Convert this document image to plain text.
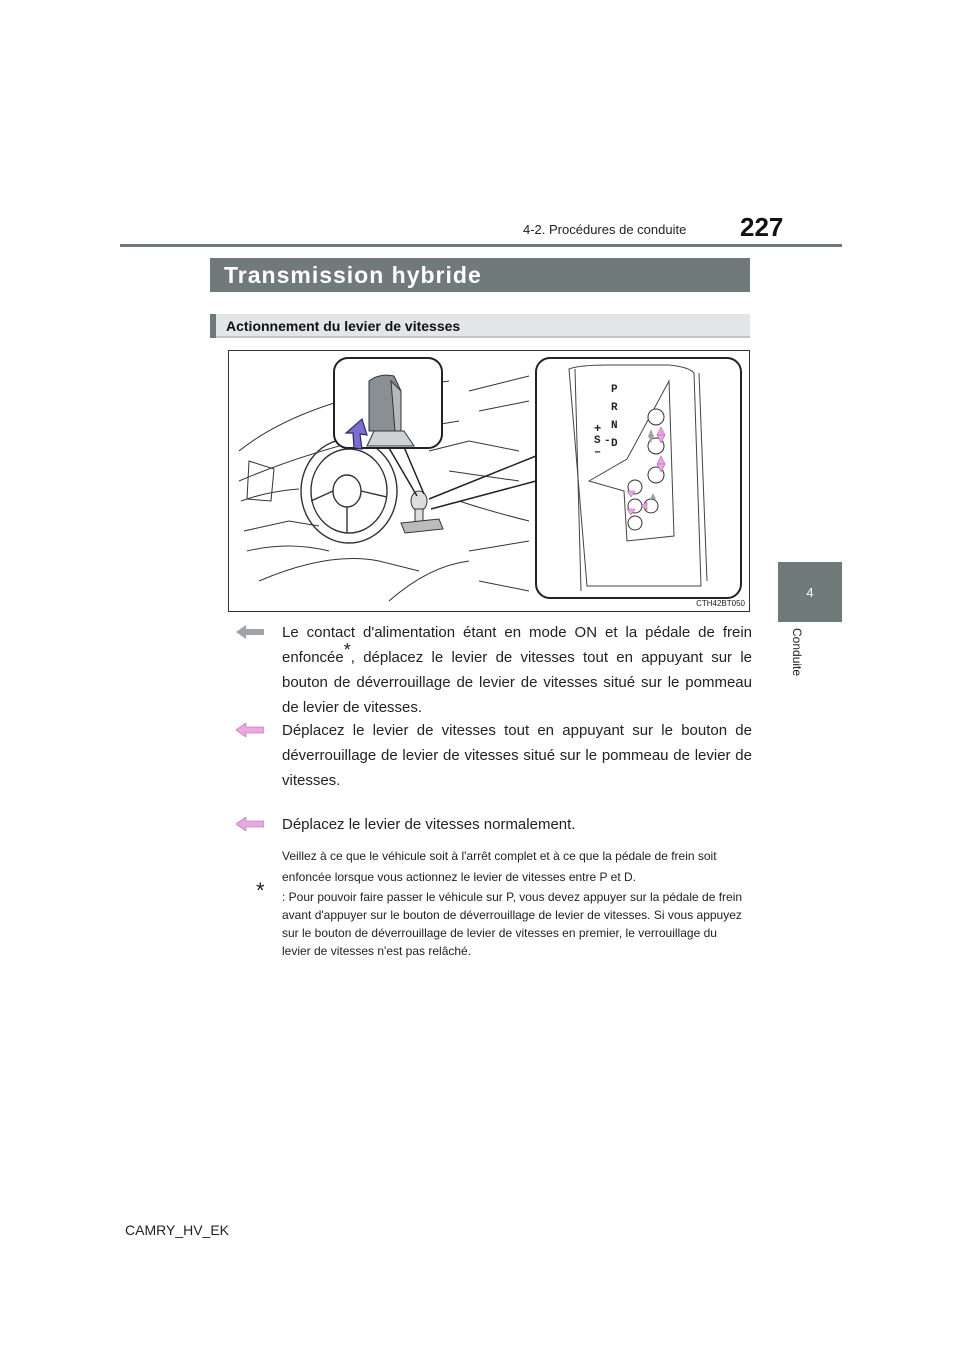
4-2. Procédures de conduite 227
4
Conduite
Transmission hybride
Actionnement du levier de vitesses
P
R
N
D
+
S -
–
CTH42BT050
Le contact d'alimentation étant en mode ON et la pédale de frein enfoncée*, déplacez le levier de vitesses tout en appuyant sur le bouton de déverrouillage de levier de vitesses situé sur le pommeau de levier de vitesses.
Déplacez le levier de vitesses tout en appuyant sur le bouton de déverrouillage de levier de vitesses situé sur le pommeau de levier de vitesses.
Déplacez le levier de vitesses normalement.
Veillez à ce que le véhicule soit à l'arrêt complet et à ce que la pédale de frein soit enfoncée lorsque vous actionnez le levier de vitesses entre P et D.
* : Pour pouvoir faire passer le véhicule sur P, vous devez appuyer sur la pédale de frein avant d'appuyer sur le bouton de déverrouillage de levier de vitesses. Si vous appuyez sur le bouton de déverrouillage de levier de vitesses en premier, le verrouillage du levier de vitesses n'est pas relâché.
CAMRY_HV_EK
